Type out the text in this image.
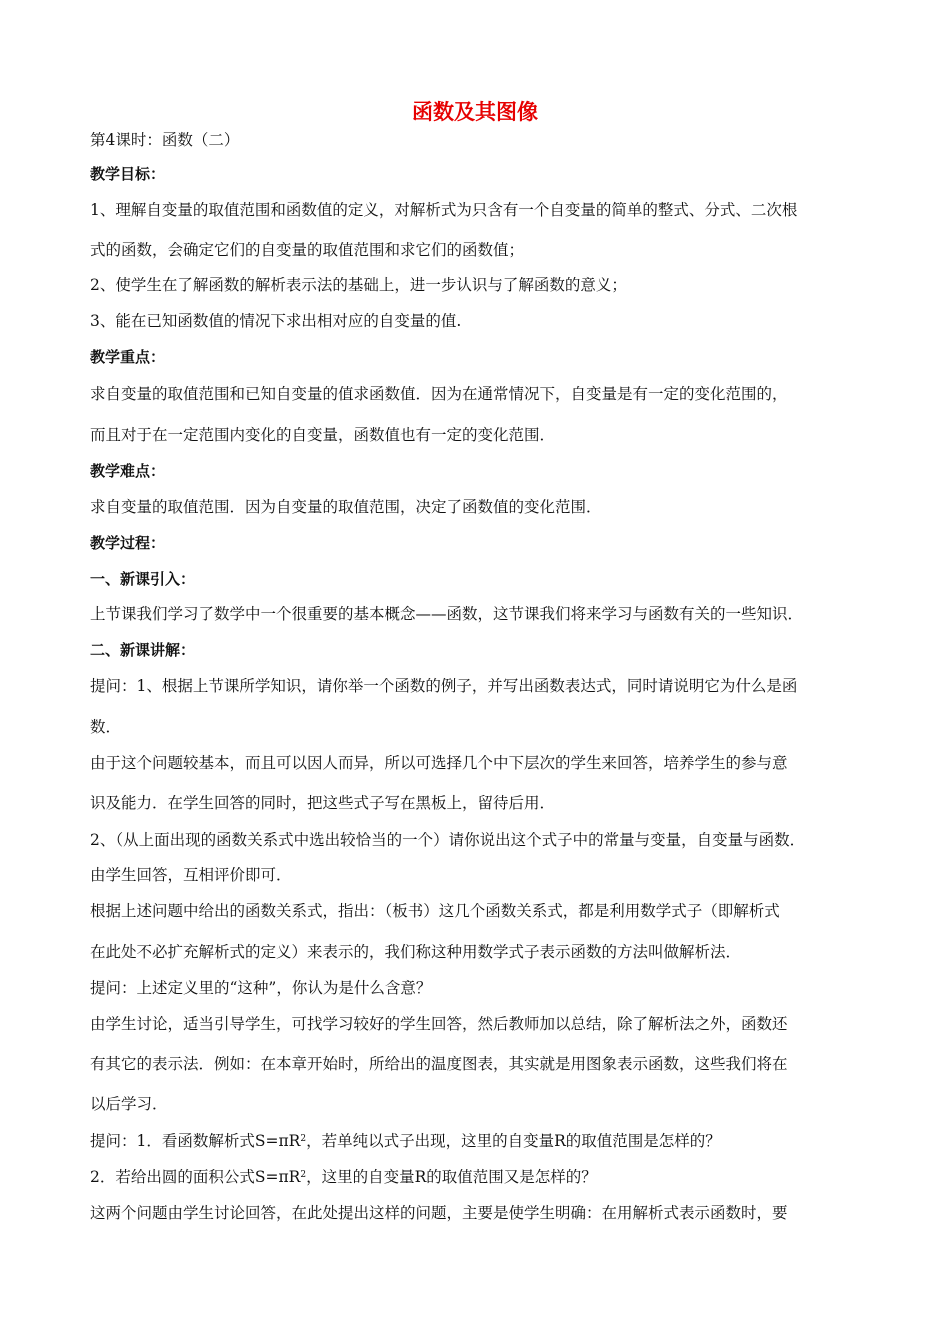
函数及其图像
第4课时：函数（二）
教学目标：
1、理解自变量的取值范围和函数值的定义，对解析式为只含有一个自变量的简单的整式、分式、二次根
式的函数，会确定它们的自变量的取值范围和求它们的函数值；
2、使学生在了解函数的解析表示法的基础上，进一步认识与了解函数的意义；
3、能在已知函数值的情况下求出相对应的自变量的值.
教学重点：
求自变量的取值范围和已知自变量的值求函数值．因为在通常情况下，自变量是有一定的变化范围的，
而且对于在一定范围内变化的自变量，函数值也有一定的变化范围．
教学难点：
求自变量的取值范围．因为自变量的取值范围，决定了函数值的变化范围．
教学过程：
一、新课引入：
上节课我们学习了数学中一个很重要的基本概念——函数，这节课我们将来学习与函数有关的一些知识．
二、新课讲解：
提问：1、根据上节课所学知识，请你举一个函数的例子，并写出函数表达式，同时请说明它为什么是函
数．
由于这个问题较基本，而且可以因人而异，所以可选择几个中下层次的学生来回答，培养学生的参与意
识及能力．在学生回答的同时，把这些式子写在黑板上，留待后用．
2、（从上面出现的函数关系式中选出较恰当的一个）请你说出这个式子中的常量与变量，自变量与函数．
由学生回答，互相评价即可．
根据上述问题中给出的函数关系式，指出：（板书）这几个函数关系式，都是利用数学式子（即解析式
在此处不必扩充解析式的定义）来表示的，我们称这种用数学式子表示函数的方法叫做解析法．
提问：上述定义里的“这种”，你认为是什么含意？
由学生讨论，适当引导学生，可找学习较好的学生回答，然后教师加以总结，除了解析法之外，函数还
有其它的表示法．例如：在本章开始时，所给出的温度图表，其实就是用图象表示函数，这些我们将在
以后学习．
提问：1．看函数解析式$S=\pi R^2$，若单纯以式子出现，这里的自变量R的取值范围是怎样的？
2．若给出圆的面积公式$S=\pi R^2$，这里的自变量R的取值范围又是怎样的？
这两个问题由学生讨论回答，在此处提出这样的问题，主要是使学生明确：在用解析式表示函数时，要
